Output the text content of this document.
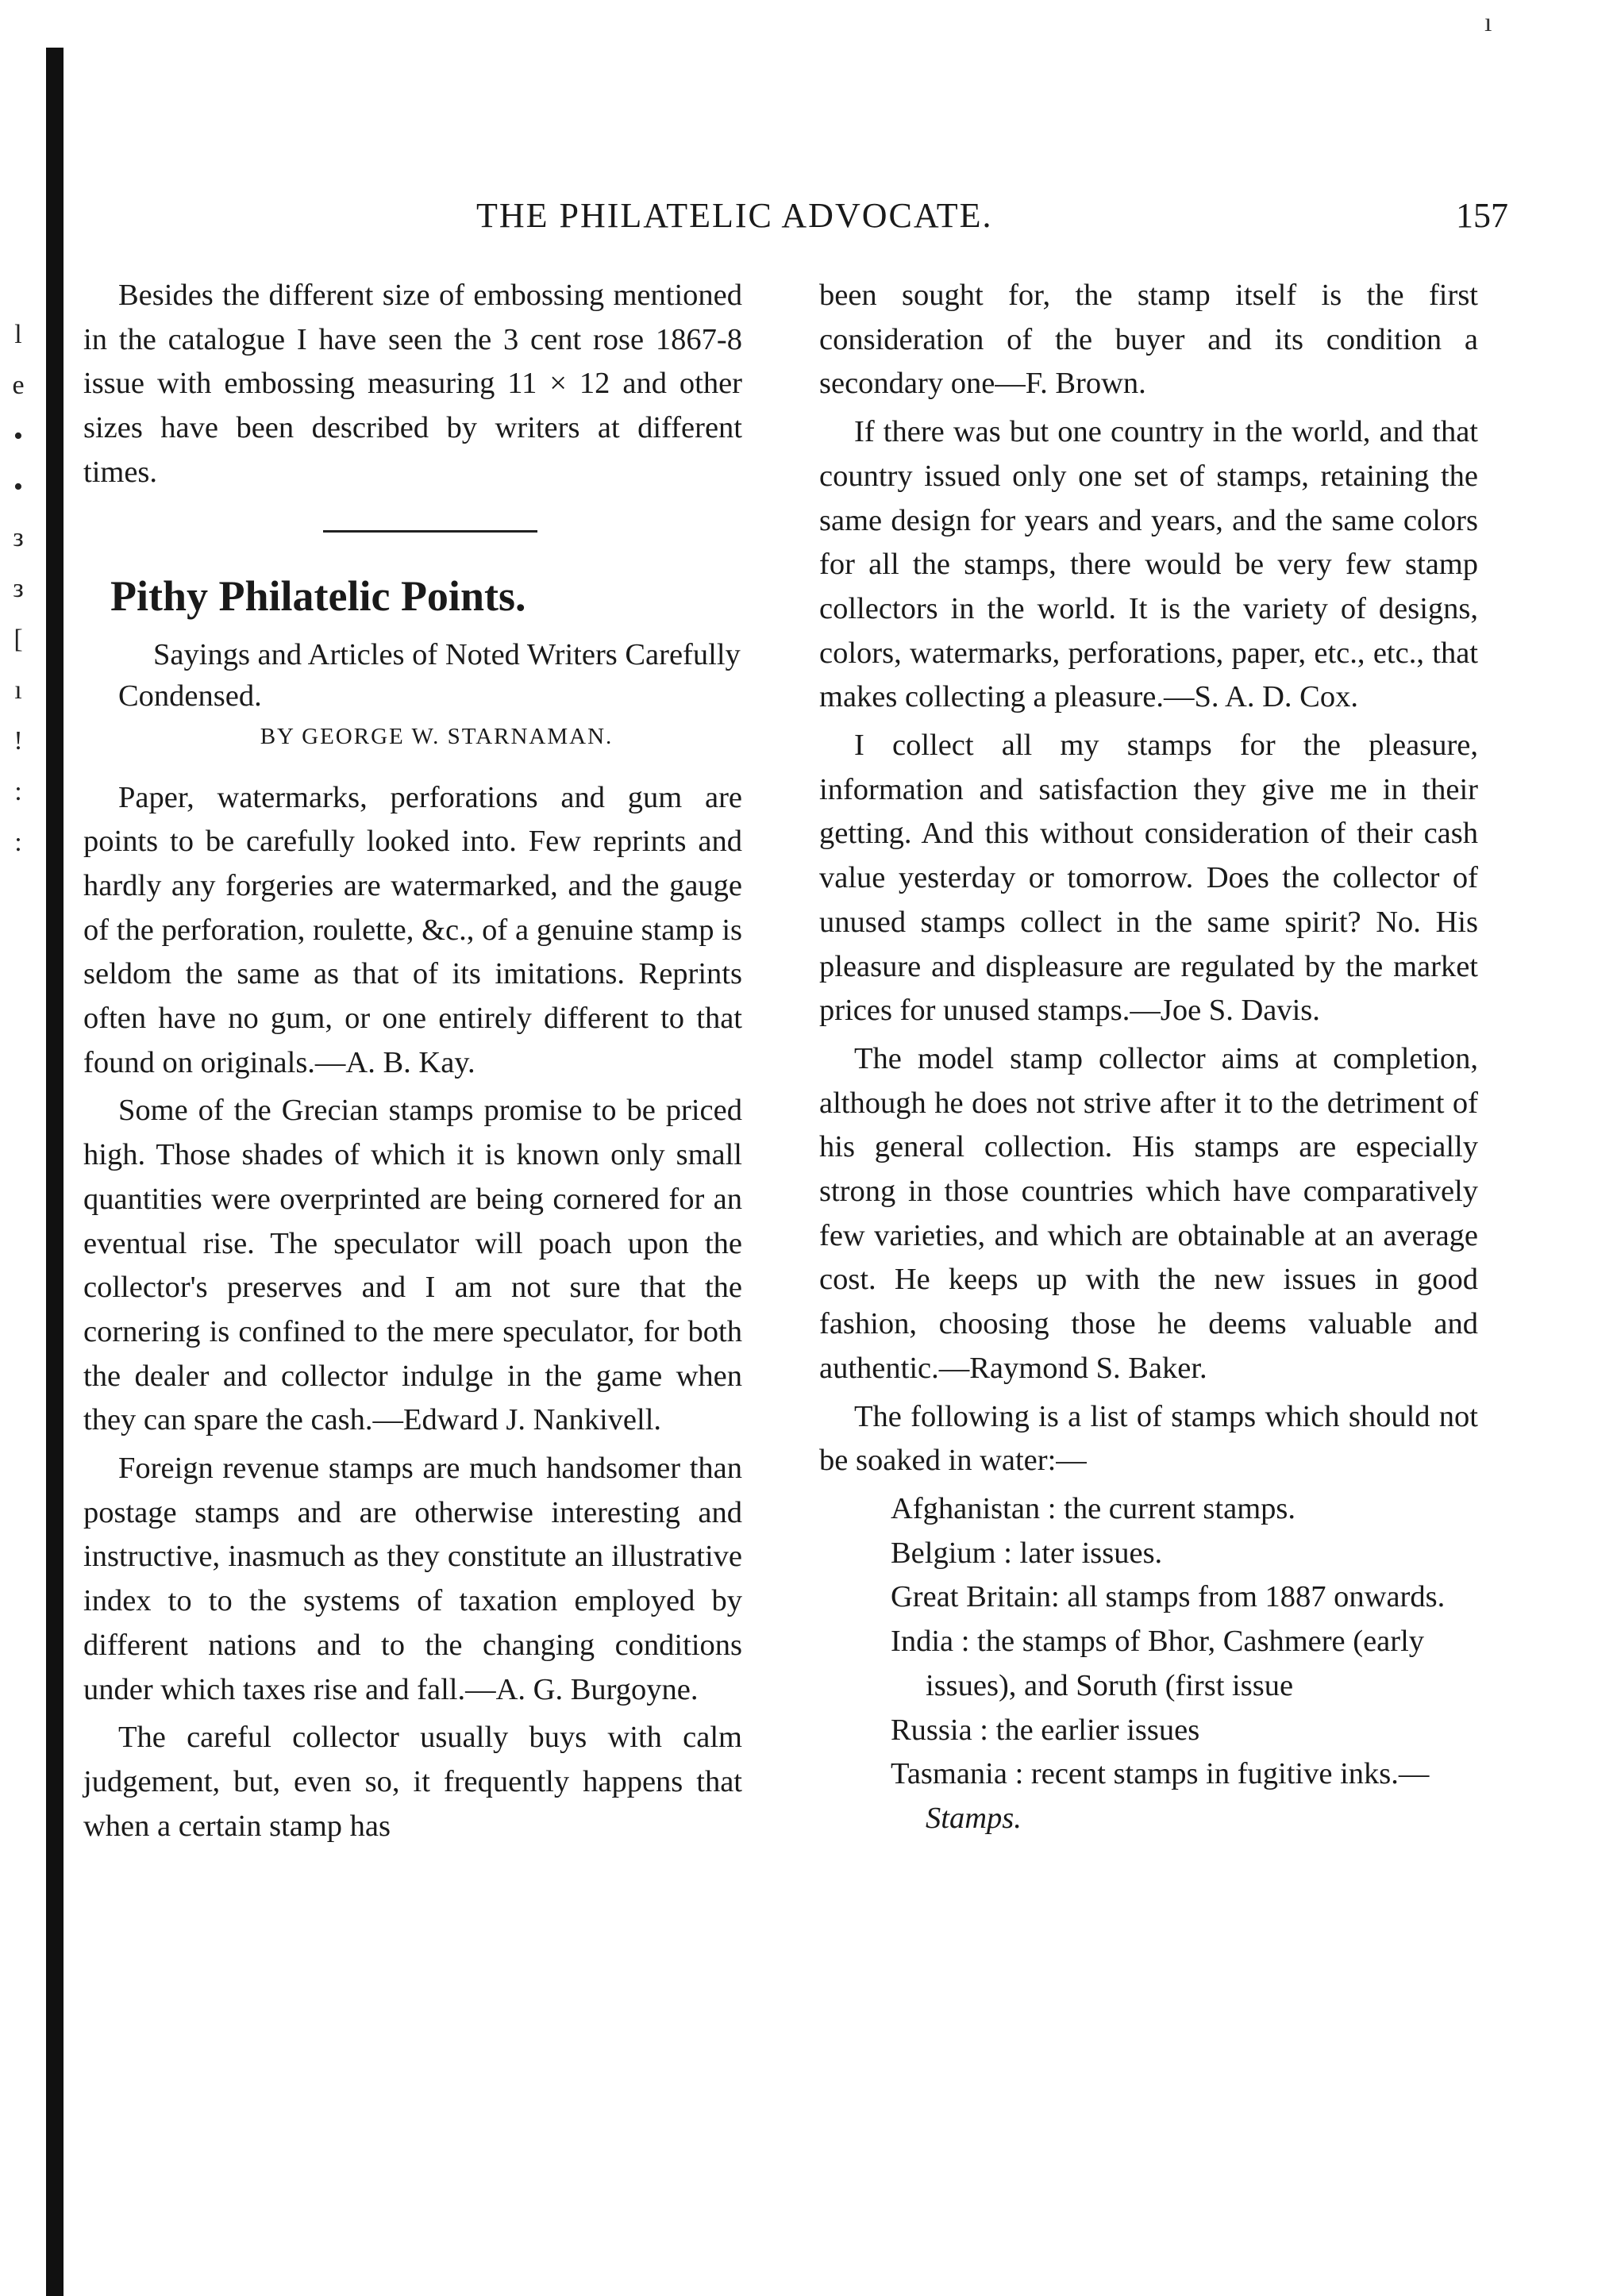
l
e
•
•
з
з
[
ı
!
:
:
ı
THE PHILATELIC ADVOCATE.	157

Besides the different size of embossing mentioned in the catalogue I have seen the 3 cent rose 1867-8 issue with embossing measuring 11 × 12 and other sizes have been described by writers at different times.

Pithy Philatelic Points.

Sayings and Articles of Noted Writers Carefully Condensed.

BY GEORGE W. STARNAMAN.

Paper, watermarks, perforations and gum are points to be carefully looked into. Few reprints and hardly any forgeries are watermarked, and the gauge of the perforation, roulette, &c., of a genuine stamp is seldom the same as that of its imitations. Reprints often have no gum, or one entirely different to that found on originals.—A. B. Kay.

Some of the Grecian stamps promise to be priced high. Those shades of which it is known only small quantities were overprinted are being cornered for an eventual rise. The speculator will poach upon the collector's preserves and I am not sure that the cornering is confined to the mere speculator, for both the dealer and collector indulge in the game when they can spare the cash.—Edward J. Nankivell.

Foreign revenue stamps are much handsomer than postage stamps and are otherwise interesting and instructive, inasmuch as they constitute an illustrative index to to the systems of taxation employed by different nations and to the changing conditions under which taxes rise and fall.—A. G. Burgoyne.

The careful collector usually buys with calm judgement, but, even so, it frequently happens that when a certain stamp has

been sought for, the stamp itself is the first consideration of the buyer and its condition a secondary one—F. Brown.

If there was but one country in the world, and that country issued only one set of stamps, retaining the same design for years and years, and the same colors for all the stamps, there would be very few stamp collectors in the world. It is the variety of designs, colors, watermarks, perforations, paper, etc., etc., that makes collecting a pleasure.—S. A. D. Cox.

I collect all my stamps for the pleasure, information and satisfaction they give me in their getting. And this without consideration of their cash value yesterday or tomorrow. Does the collector of unused stamps collect in the same spirit? No. His pleasure and displeasure are regulated by the market prices for unused stamps.—Joe S. Davis.

The model stamp collector aims at completion, although he does not strive after it to the detriment of his general collection. His stamps are especially strong in those countries which have comparatively few varieties, and which are obtainable at an average cost. He keeps up with the new issues in good fashion, choosing those he deems valuable and authentic.—Raymond S. Baker.

The following is a list of stamps which should not be soaked in water:—

Afghanistan : the current stamps.
Belgium : later issues.
Great Britain: all stamps from 1887 onwards.
India : the stamps of Bhor, Cashmere (early issues), and Soruth (first issue
Russia : the earlier issues
Tasmania : recent stamps in fugitive inks.—Stamps.
